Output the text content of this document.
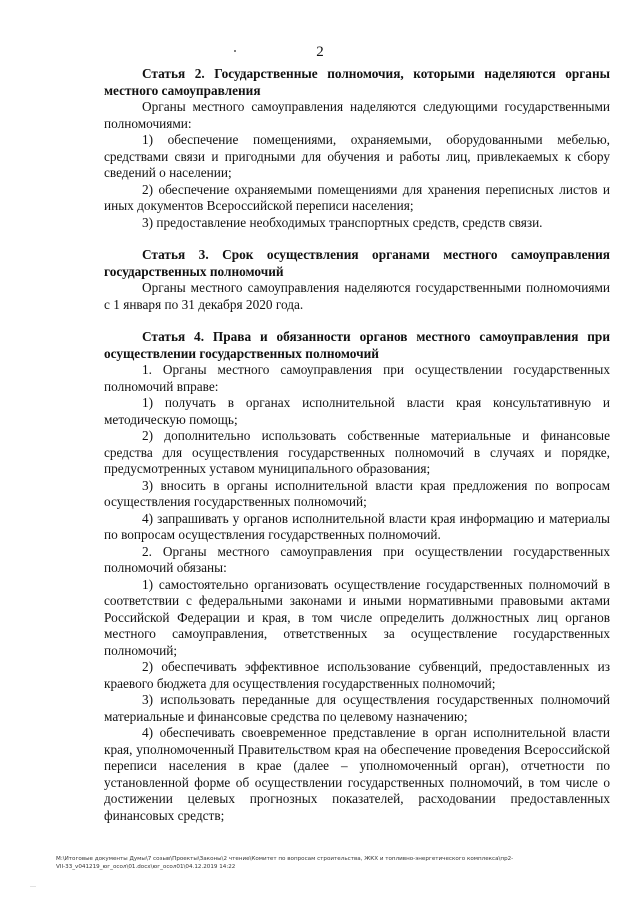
2

Статья 2. Государственные полномочия, которыми наделяются органы местного самоуправления

Органы местного самоуправления наделяются следующими государственными полномочиями:

1) обеспечение помещениями, охраняемыми, оборудованными мебелью, средствами связи и пригодными для обучения и работы лиц, привлекаемых к сбору сведений о населении;

2) обеспечение охраняемыми помещениями для хранения переписных листов и иных документов Всероссийской переписи населения;

3) предоставление необходимых транспортных средств, средств связи.

Статья 3. Срок осуществления органами местного самоуправления государственных полномочий

Органы местного самоуправления наделяются государственными полномочиями с 1 января по 31 декабря 2020 года.

Статья 4. Права и обязанности органов местного самоуправления при осуществлении государственных полномочий

1. Органы местного самоуправления при осуществлении государственных полномочий вправе:

1) получать в органах исполнительной власти края консультативную и методическую помощь;

2) дополнительно использовать собственные материальные и финансовые средства для осуществления государственных полномочий в случаях и порядке, предусмотренных уставом муниципального образования;

3) вносить в органы исполнительной власти края предложения по вопросам осуществления государственных полномочий;

4) запрашивать у органов исполнительной власти края информацию и материалы по вопросам осуществления государственных полномочий.

2. Органы местного самоуправления при осуществлении государственных полномочий обязаны:

1) самостоятельно организовать осуществление государственных полномочий в соответствии с федеральными законами и иными нормативными правовыми актами Российской Федерации и края, в том числе определить должностных лиц органов местного самоуправления, ответственных за осуществление государственных полномочий;

2) обеспечивать эффективное использование субвенций, предоставленных из краевого бюджета для осуществления государственных полномочий;

3) использовать переданные для осуществления государственных полномочий материальные и финансовые средства по целевому назначению;

4) обеспечивать своевременное представление в орган исполнительной власти края, уполномоченный Правительством края на обеспечение проведения Всероссийской переписи населения в крае (далее – уполномоченный орган), отчетности по установленной форме об осуществлении государственных полномочий, в том числе о достижении целевых прогнозных показателей, расходовании предоставленных финансовых средств;

M:\Итоговые документы Думы\7 созыв\Проекты\Законы\2 чтение\Комитет по вопросам строительства, ЖКХ и топливно-энергетического комплекса\пр2-
VII-33_v041219_юг_осол\01.docx\юг_осол01\04.12.2019 14:22
…
